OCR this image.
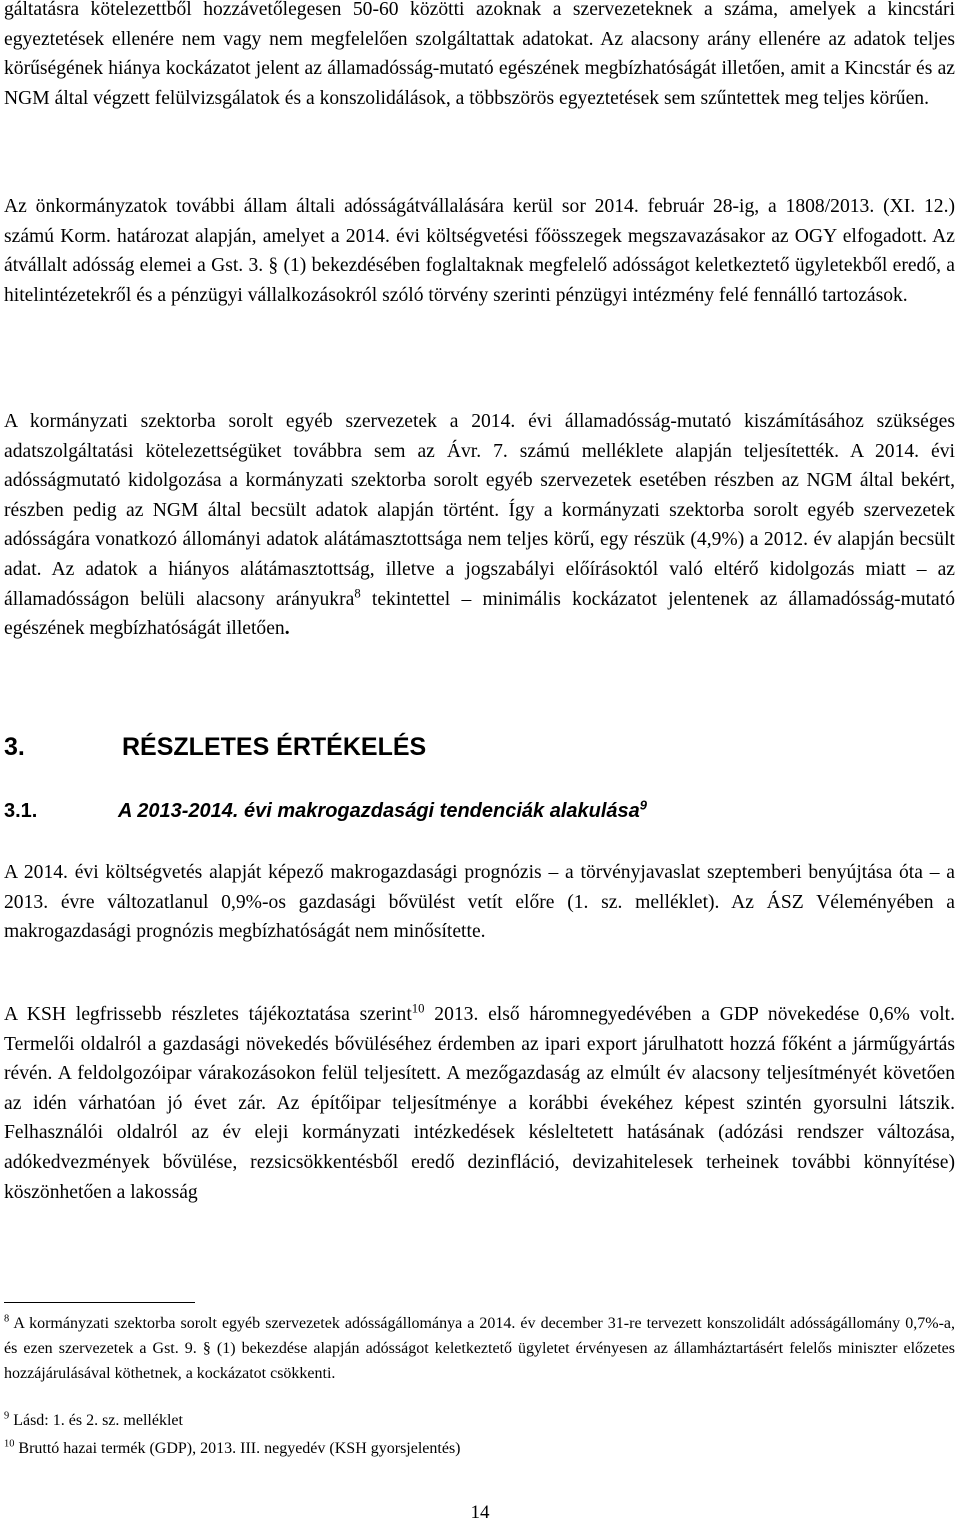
gáltatásra kötelezettből hozzávetőlegesen 50-60 közötti azoknak a szervezeteknek a száma, amelyek a kincstári egyeztetések ellenére nem vagy nem megfelelően szolgáltattak adatokat. Az alacsony arány ellenére az adatok teljes körűségének hiánya kockázatot jelent az államadósság-mutató egészének megbízhatóságát illetően, amit a Kincstár és az NGM által végzett felülvizsgálatok és a konszolidálások, a többszörös egyeztetések sem szűntettek meg teljes körűen.

Az önkormányzatok további állam általi adósságátvállalására kerül sor 2014. február 28-ig, a 1808/2013. (XI. 12.) számú Korm. határozat alapján, amelyet a 2014. évi költségvetési főösszegek megszavazásakor az OGY elfogadott. Az átvállalt adósság elemei a Gst. 3. § (1) bekezdésében foglaltaknak megfelelő adósságot keletkeztető ügyletekből eredő, a hitelintézetekről és a pénzügyi vállalkozásokról szóló törvény szerinti pénzügyi intézmény felé fennálló tartozások.

A kormányzati szektorba sorolt egyéb szervezetek a 2014. évi államadósság-mutató kiszámításához szükséges adatszolgáltatási kötelezettségüket továbbra sem az Ávr. 7. számú melléklete alapján teljesítették. A 2014. évi adósságmutató kidolgozása a kormányzati szektorba sorolt egyéb szervezetek esetében részben az NGM által bekért, részben pedig az NGM által becsült adatok alapján történt. Így a kormányzati szektorba sorolt egyéb szervezetek adósságára vonatkozó állományi adatok alátámasztottsága nem teljes körű, egy részük (4,9%) a 2012. év alapján becsült adat. Az adatok a hiányos alátámasztottság, illetve a jogszabályi előírásoktól való eltérő kidolgozás miatt – az államadósságon belüli alacsony arányukra$^8$ tekintettel – minimális kockázatot jelentenek az államadósság-mutató egészének megbízhatóságát illetően.

3.	RÉSZLETES ÉRTÉKELÉS
3.1.	A 2013-2014. évi makrogazdasági tendenciák alakulása$^9$

A 2014. évi költségvetés alapját képező makrogazdasági prognózis – a törvényjavaslat szeptemberi benyújtása óta – a 2013. évre változatlanul 0,9%-os gazdasági bővülést vetít előre (1. sz. melléklet). Az ÁSZ Véleményében a makrogazdasági prognózis megbízhatóságát nem minősítette.

A KSH legfrissebb részletes tájékoztatása szerint$^{10}$ 2013. első háromnegyedévében a GDP növekedése 0,6% volt. Termelői oldalról a gazdasági növekedés bővüléséhez érdemben az ipari export járulhatott hozzá főként a járműgyártás révén. A feldolgozóipar várakozásokon felül teljesített. A mezőgazdaság az elmúlt év alacsony teljesítményét követően az idén várhatóan jó évet zár. Az építőipar teljesítménye a korábbi évekéhez képest szintén gyorsulni látszik. Felhasználói oldalról az év eleji kormányzati intézkedések késleltetett hatásának (adózási rendszer változása, adókedvezmények bővülése, rezsicsökkentésből eredő dezinfláció, devizahitelesek terheinek további könnyítése) köszönhetően a lakosság

$^8$ A kormányzati szektorba sorolt egyéb szervezetek adósságállománya a 2014. év december 31-re tervezett konszolidált adósságállomány 0,7%-a, és ezen szervezetek a Gst. 9. § (1) bekezdése alapján adósságot keletkeztető ügyletet érvényesen az államháztartásért felelős miniszter előzetes hozzájárulásával köthetnek, a kockázatot csökkenti.

$^9$ Lásd: 1. és 2. sz. melléklet

$^{10}$ Bruttó hazai termék (GDP), 2013. III. negyedév (KSH gyorsjelentés)

14
